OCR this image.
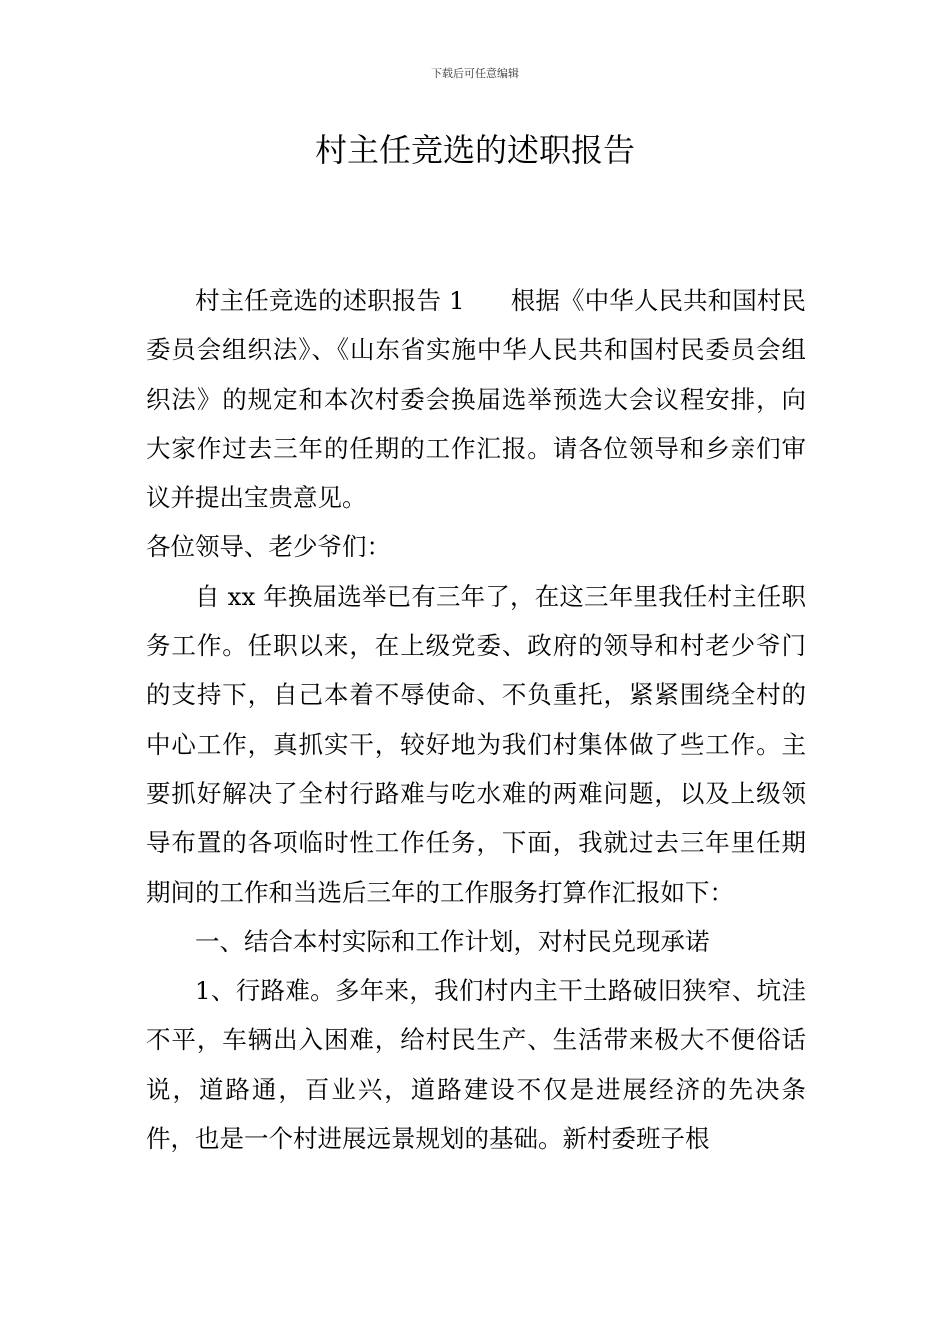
下载后可任意编辑
村主任竞选的述职报告

村主任竞选的述职报告 1 根据《中华人民共和国村民委员会组织法》、《山东省实施中华人民共和国村民委员会组织法》的规定和本次村委会换届选举预选大会议程安排，向大家作过去三年的任期的工作汇报。请各位领导和乡亲们审议并提出宝贵意见。

各位领导、老少爷们：

自 xx 年换届选举已有三年了，在这三年里我任村主任职务工作。任职以来，在上级党委、政府的领导和村老少爷门的支持下，自己本着不辱使命、不负重托，紧紧围绕全村的中心工作，真抓实干，较好地为我们村集体做了些工作。主要抓好解决了全村行路难与吃水难的两难问题，以及上级领导布置的各项临时性工作任务，下面，我就过去三年里任期期间的工作和当选后三年的工作服务打算作汇报如下：

一、结合本村实际和工作计划，对村民兑现承诺

1、行路难。多年来，我们村内主干土路破旧狭窄、坑洼不平，车辆出入困难，给村民生产、生活带来极大不便俗话说，道路通，百业兴，道路建设不仅是进展经济的先决条件，也是一个村进展远景规划的基础。新村委班子根
